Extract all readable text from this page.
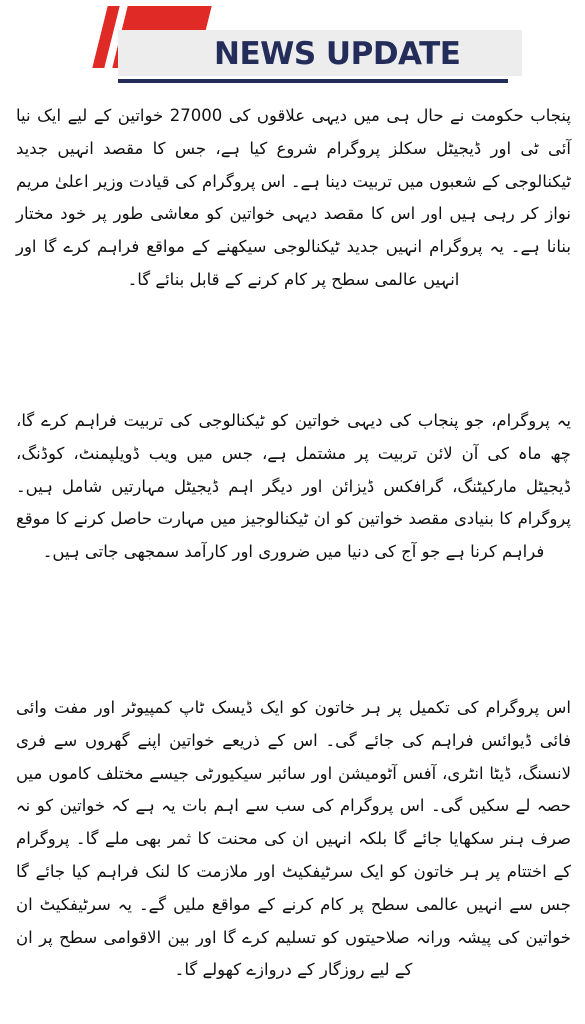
NEWS UPDATE

پنجاب حکومت نے حال ہی میں دیہی علاقوں کی 27000 خواتین کے لیے ایک نیا آئی ٹی اور ڈیجیٹل سکلز پروگرام شروع کیا ہے، جس کا مقصد انہیں جدید ٹیکنالوجی کے شعبوں میں تربیت دینا ہے۔ اس پروگرام کی قیادت وزیر اعلیٰ مریم نواز کر رہی ہیں اور اس کا مقصد دیہی خواتین کو معاشی طور پر خود مختار بنانا ہے۔ یہ پروگرام انہیں جدید ٹیکنالوجی سیکھنے کے مواقع فراہم کرے گا اور انہیں عالمی سطح پر کام کرنے کے قابل بنائے گا۔

یہ پروگرام، جو پنجاب کی دیہی خواتین کو ٹیکنالوجی کی تربیت فراہم کرے گا، چھ ماہ کی آن لائن تربیت پر مشتمل ہے، جس میں ویب ڈویلپمنٹ، کوڈنگ، ڈیجیٹل مارکیٹنگ، گرافکس ڈیزائن اور دیگر اہم ڈیجیٹل مہارتیں شامل ہیں۔ پروگرام کا بنیادی مقصد خواتین کو ان ٹیکنالوجیز میں مہارت حاصل کرنے کا موقع فراہم کرنا ہے جو آج کی دنیا میں ضروری اور کارآمد سمجھی جاتی ہیں۔

اس پروگرام کی تکمیل پر ہر خاتون کو ایک ڈیسک ٹاپ کمپیوٹر اور مفت وائی فائی ڈیوائس فراہم کی جائے گی۔ اس کے ذریعے خواتین اپنے گھروں سے فری لانسنگ، ڈیٹا انٹری، آفس آٹومیشن اور سائبر سیکیورٹی جیسے مختلف کاموں میں حصہ لے سکیں گی۔ اس پروگرام کی سب سے اہم بات یہ ہے کہ خواتین کو نہ صرف ہنر سکھایا جائے گا بلکہ انہیں ان کی محنت کا ثمر بھی ملے گا۔ پروگرام کے اختتام پر ہر خاتون کو ایک سرٹیفکیٹ اور ملازمت کا لنک فراہم کیا جائے گا جس سے انہیں عالمی سطح پر کام کرنے کے مواقع ملیں گے۔ یہ سرٹیفکیٹ ان خواتین کی پیشہ ورانہ صلاحیتوں کو تسلیم کرے گا اور بین الاقوامی سطح پر ان کے لیے روزگار کے دروازے کھولے گا۔
